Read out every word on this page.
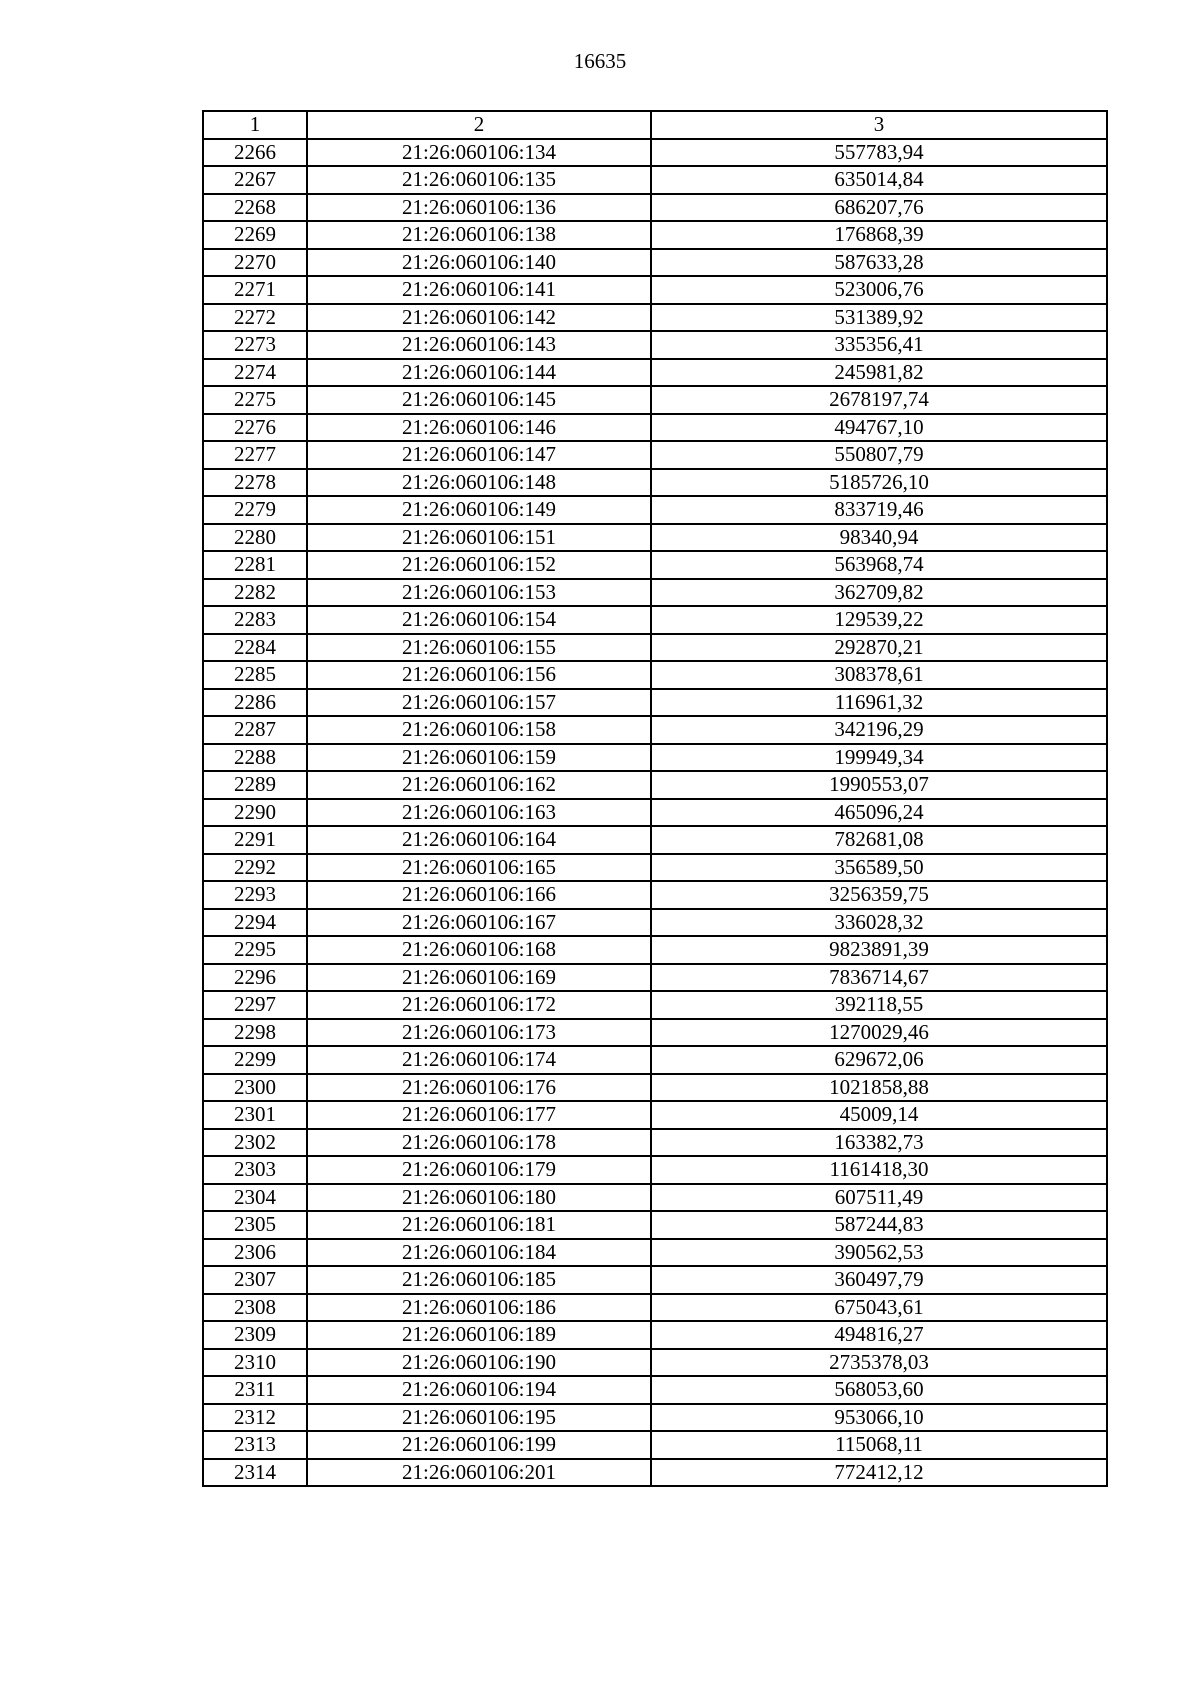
16635
1	2	3
2266	21:26:060106:134	557783,94
2267	21:26:060106:135	635014,84
2268	21:26:060106:136	686207,76
2269	21:26:060106:138	176868,39
2270	21:26:060106:140	587633,28
2271	21:26:060106:141	523006,76
2272	21:26:060106:142	531389,92
2273	21:26:060106:143	335356,41
2274	21:26:060106:144	245981,82
2275	21:26:060106:145	2678197,74
2276	21:26:060106:146	494767,10
2277	21:26:060106:147	550807,79
2278	21:26:060106:148	5185726,10
2279	21:26:060106:149	833719,46
2280	21:26:060106:151	98340,94
2281	21:26:060106:152	563968,74
2282	21:26:060106:153	362709,82
2283	21:26:060106:154	129539,22
2284	21:26:060106:155	292870,21
2285	21:26:060106:156	308378,61
2286	21:26:060106:157	116961,32
2287	21:26:060106:158	342196,29
2288	21:26:060106:159	199949,34
2289	21:26:060106:162	1990553,07
2290	21:26:060106:163	465096,24
2291	21:26:060106:164	782681,08
2292	21:26:060106:165	356589,50
2293	21:26:060106:166	3256359,75
2294	21:26:060106:167	336028,32
2295	21:26:060106:168	9823891,39
2296	21:26:060106:169	7836714,67
2297	21:26:060106:172	392118,55
2298	21:26:060106:173	1270029,46
2299	21:26:060106:174	629672,06
2300	21:26:060106:176	1021858,88
2301	21:26:060106:177	45009,14
2302	21:26:060106:178	163382,73
2303	21:26:060106:179	1161418,30
2304	21:26:060106:180	607511,49
2305	21:26:060106:181	587244,83
2306	21:26:060106:184	390562,53
2307	21:26:060106:185	360497,79
2308	21:26:060106:186	675043,61
2309	21:26:060106:189	494816,27
2310	21:26:060106:190	2735378,03
2311	21:26:060106:194	568053,60
2312	21:26:060106:195	953066,10
2313	21:26:060106:199	115068,11
2314	21:26:060106:201	772412,12
